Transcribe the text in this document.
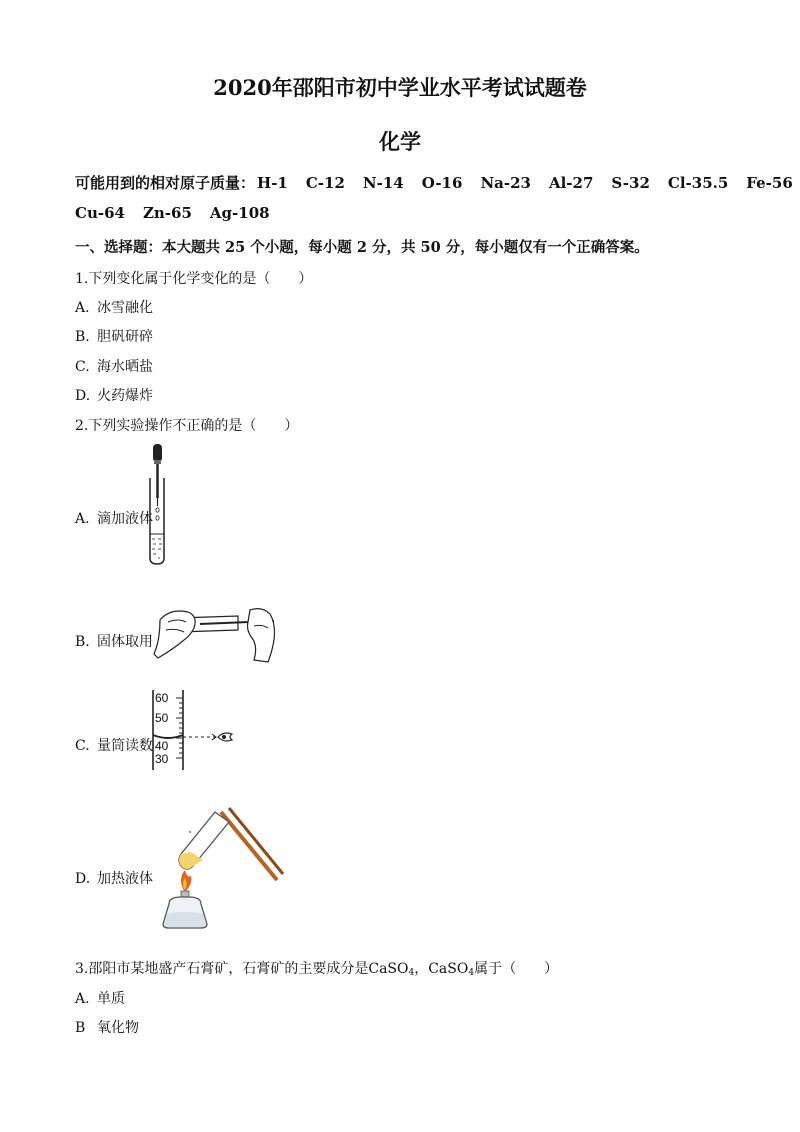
2020年邵阳市初中学业水平考试试题卷
化学
可能用到的相对原子质量： H-1 C-12 N-14 O-16 Na-23 Al-27 S-32 Cl-35.5 Fe-56
Cu-64 Zn-65 Ag-108
一、选择题：本大题共 25 个小题，每小题 2 分，共 50 分，每小题仅有一个正确答案。
1.下列变化属于化学变化的是（　　）
A. 冰雪融化
B. 胆矾研碎
C. 海水晒盐
D. 火药爆炸
2.下列实验操作不正确的是（　　）
A. 滴加液体
B. 固体取用
C. 量筒读数
60
50
40
30
D. 加热液体
3.邵阳市某地盛产石膏矿，石膏矿的主要成分是CaSO$_4$，CaSO$_4$属于（　　）
A. 单质
B 氧化物
